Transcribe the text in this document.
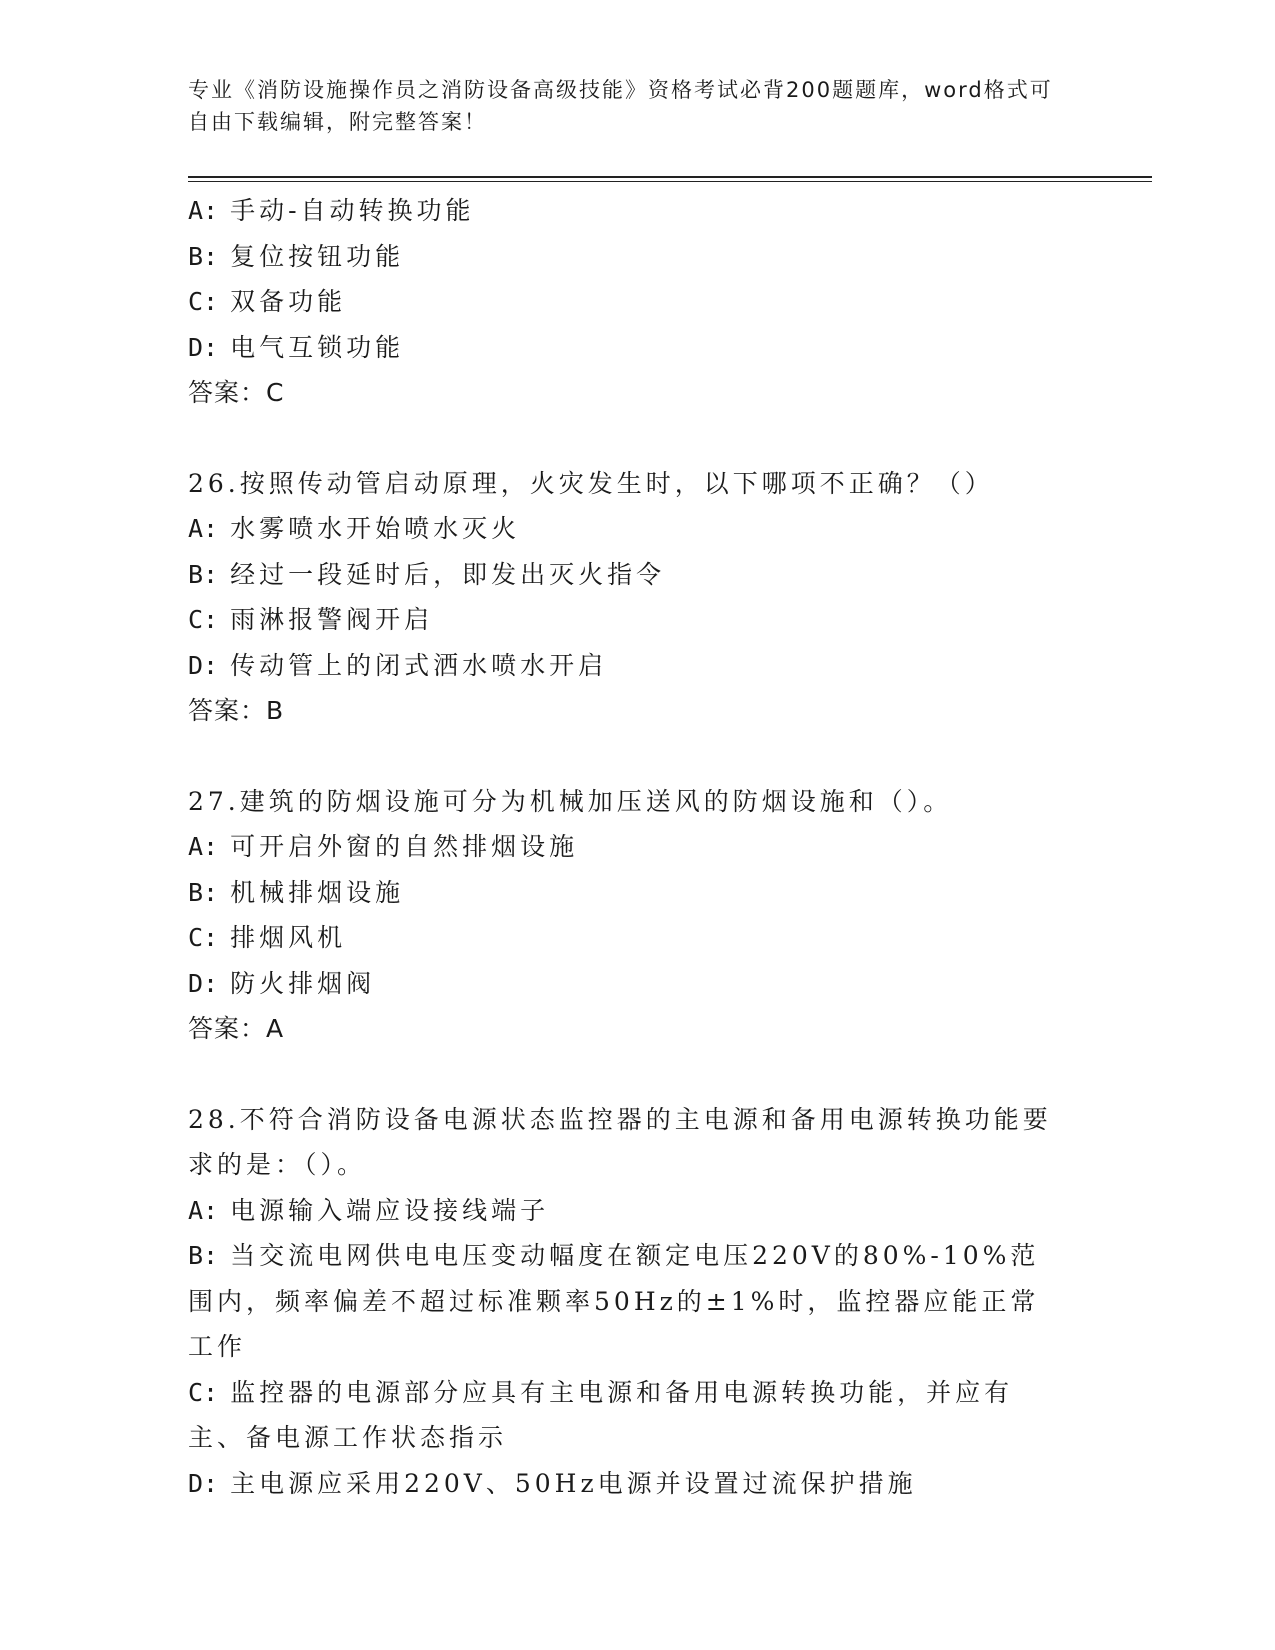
专业《消防设施操作员之消防设备高级技能》资格考试必背200题题库，word格式可自由下载编辑，附完整答案！
A: 手动-自动转换功能
B: 复位按钮功能
C: 双备功能
D: 电气互锁功能
答案：C
26.按照传动管启动原理，火灾发生时，以下哪项不正确？（）
A: 水雾喷水开始喷水灭火
B: 经过一段延时后，即发出灭火指令
C: 雨淋报警阀开启
D: 传动管上的闭式洒水喷水开启
答案：B
27.建筑的防烟设施可分为机械加压送风的防烟设施和（）。
A: 可开启外窗的自然排烟设施
B: 机械排烟设施
C: 排烟风机
D: 防火排烟阀
答案：A
28.不符合消防设备电源状态监控器的主电源和备用电源转换功能要求的是：（）。
A: 电源输入端应设接线端子
B: 当交流电网供电电压变动幅度在额定电压220V的80%-10%范围内，频率偏差不超过标准颗率50Hz的±1%时，监控器应能正常工作
C: 监控器的电源部分应具有主电源和备用电源转换功能，并应有主、备电源工作状态指示
D: 主电源应采用220V、50Hz电源并设置过流保护措施
